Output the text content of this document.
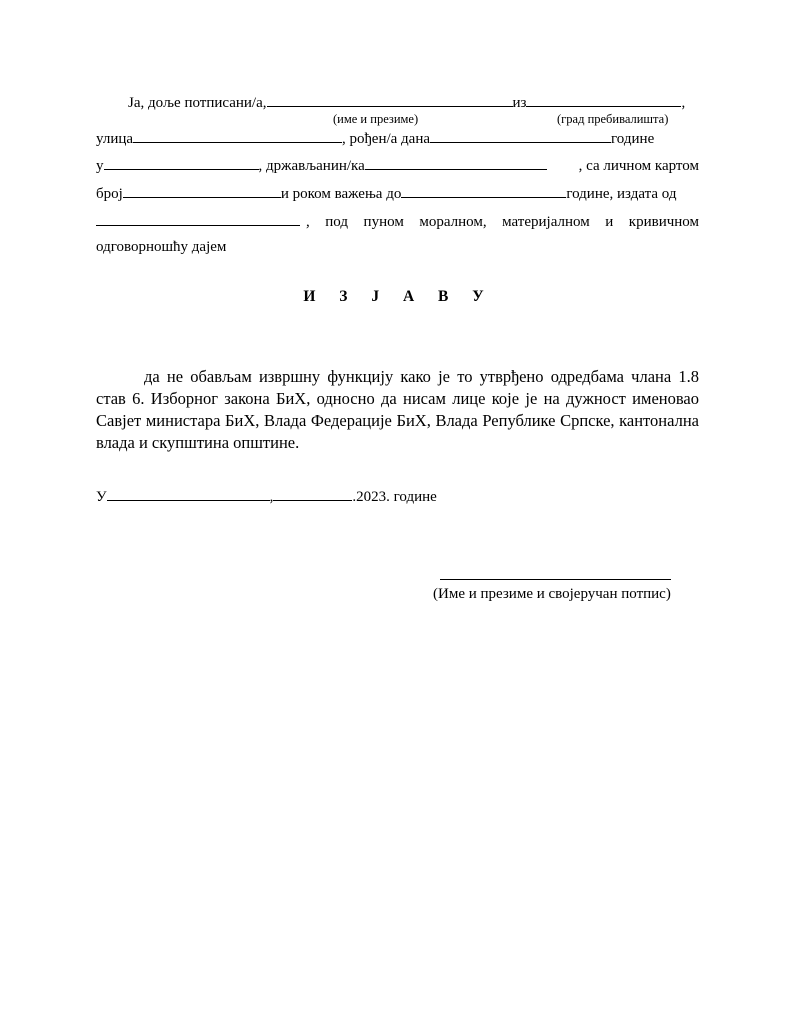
Ја, доље потписани/а,	из	,
(име и презиме)	(град пребивалишта)
улица	, рођен/а дана	године
у	, држављанин/ка	, са личном картом
број	и роком важења до	године, издата од
, под пуном моралном, материјалном и кривичном
одговорношћу дајем
И З Ј А В У
да не обављам извршну функцију како је то утврђено одредбама члана 1.8 став 6. Изборног закона БиХ, односно да нисам лице које је на дужност именовао Савјет министара БиХ, Влада Федерације БиХ, Влада Републике Српске, кантонална влада и скупштина општине.
У	,	.2023. године
(Име и презиме и својеручан потпис)
